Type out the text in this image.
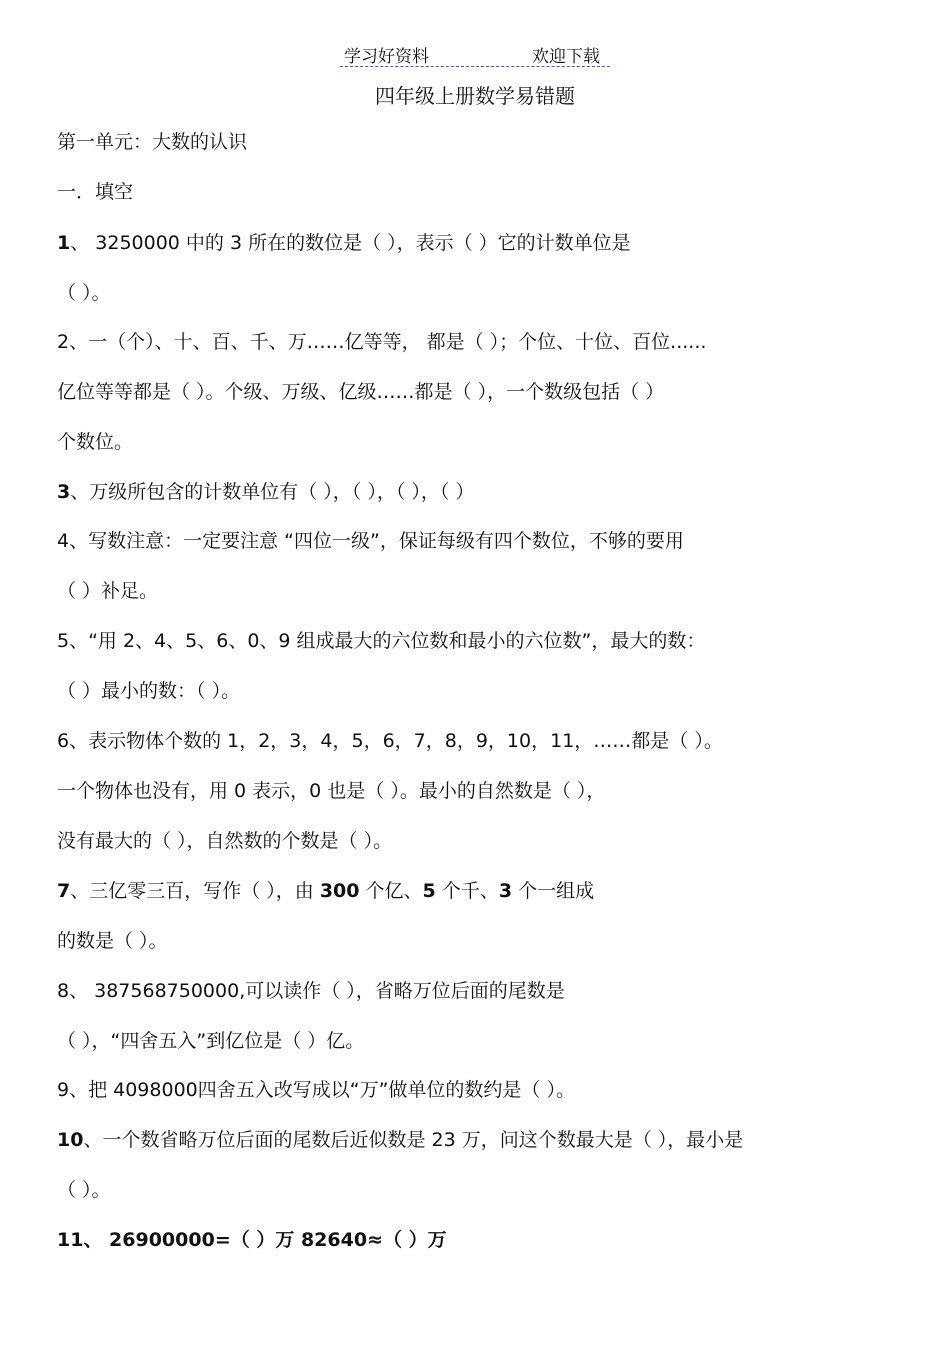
学习好资料	欢迎下载
四年级上册数学易错题
第一单元：大数的认识
一．填空
1、 3250000 中的 3 所在的数位是（ ），表示（ ）它的计数单位是
（ ）。
2、一（个）、十、百、千、万……亿等等， 都是（ ）；个位、十位、百位......
亿位等等都是（ ）。个级、万级、亿级……都是（ ），一个数级包括（ ）
个数位。
3、万级所包含的计数单位有（ ），（ ），（ ），（ ）
4、写数注意：一定要注意 “四位一级”，保证每级有四个数位，不够的要用
（ ）补足。
5、“用 2、4、5、6、0、9 组成最大的六位数和最小的六位数”，最大的数：
（ ）最小的数：（ ）。
6、表示物体个数的 1，2，3，4，5，6，7，8，9，10，11，……都是（ ）。
一个物体也没有，用 0 表示，0 也是（ ）。最小的自然数是（ ），
没有最大的（ ），自然数的个数是（ ）。
7、三亿零三百，写作（ ），由 300 个亿、5 个千、3 个一组成
的数是（ ）。
8、 387568750000,可以读作（ ），省略万位后面的尾数是
（ ），“四舍五入”到亿位是（ ）亿。
9、把 4098000四舍五入改写成以“万”做单位的数约是（ ）。
10、一个数省略万位后面的尾数后近似数是 23 万，问这个数最大是（ ），最小是
（ ）。
11、 26900000=（ ）万 82640≈（ ）万
